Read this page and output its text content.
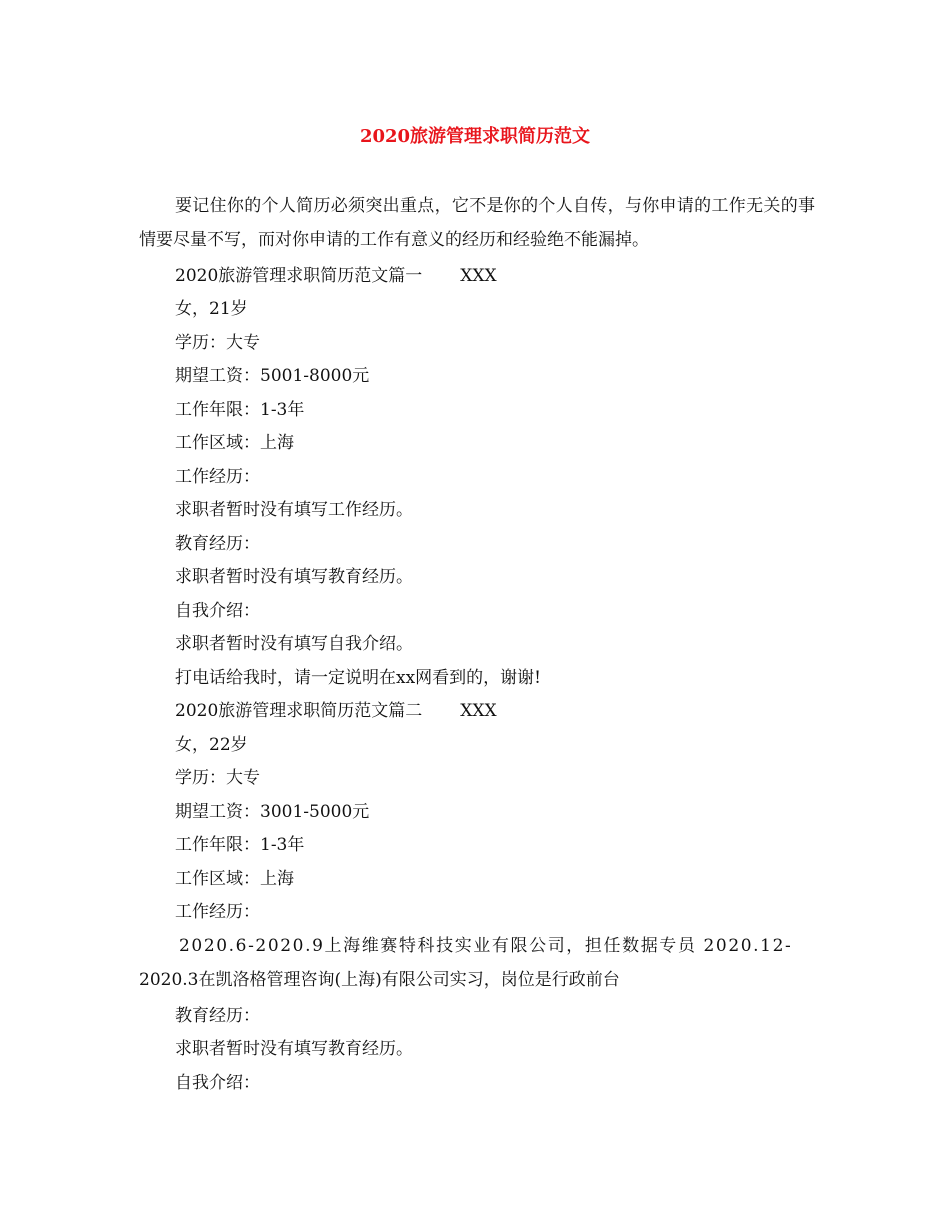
2020旅游管理求职简历范文
要记住你的个人简历必须突出重点，它不是你的个人自传，与你申请的工作无关的事情要尽量不写，而对你申请的工作有意义的经历和经验绝不能漏掉。
2020旅游管理求职简历范文篇一 XXX
女，21岁
学历：大专
期望工资：5001-8000元
工作年限：1-3年
工作区域：上海
工作经历：
求职者暂时没有填写工作经历。
教育经历：
求职者暂时没有填写教育经历。
自我介绍：
求职者暂时没有填写自我介绍。
打电话给我时，请一定说明在xx网看到的，谢谢!
2020旅游管理求职简历范文篇二 XXX
女，22岁
学历：大专
期望工资：3001-5000元
工作年限：1-3年
工作区域：上海
工作经历：
2020.6-2020.9上海维赛特科技实业有限公司，担任数据专员 2020.12-
2020.3在凯洛格管理咨询(上海)有限公司实习，岗位是行政前台
教育经历：
求职者暂时没有填写教育经历。
自我介绍：
